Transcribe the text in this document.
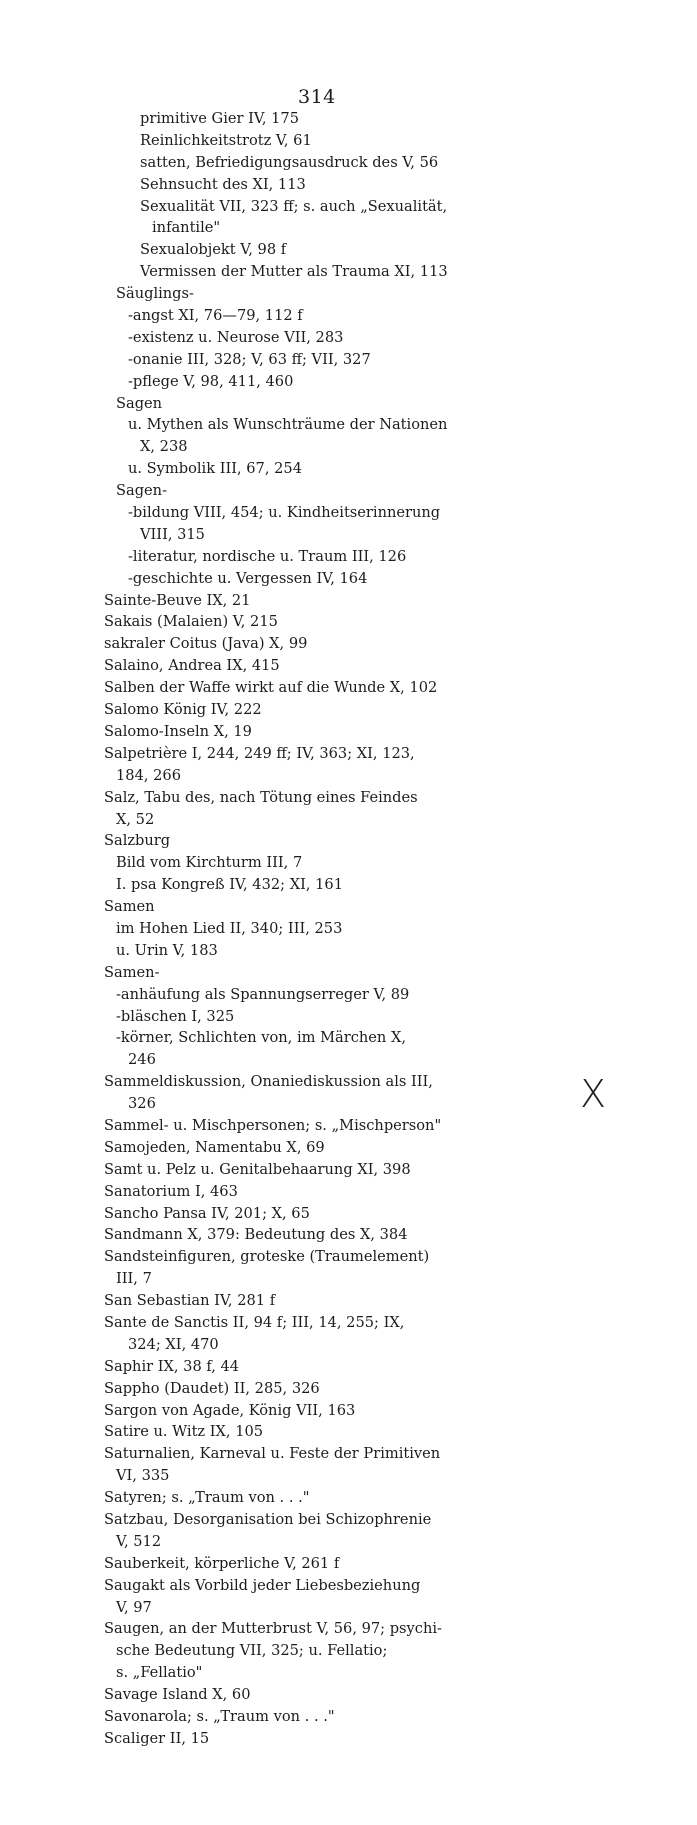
314
primitive Gier IV, 175
Reinlichkeitstrotz V, 61
satten, Befriedigungsausdruck des V, 56
Sehnsucht des XI, 113
Sexualität VII, 323 ff; s. auch „Sexualität,
infantile"
Sexualobjekt V, 98 f
Vermissen der Mutter als Trauma XI, 113
Säuglings-
-angst XI, 76—79, 112 f
-existenz u. Neurose VII, 283
-onanie III, 328; V, 63 ff; VII, 327
-pflege V, 98, 411, 460
Sagen
u. Mythen als Wunschträume der Nationen
X, 238
u. Symbolik III, 67, 254
Sagen-
-bildung VIII, 454; u. Kindheitserinnerung
VIII, 315
-literatur, nordische u. Traum III, 126
-geschichte u. Vergessen IV, 164
Sainte-Beuve IX, 21
Sakais (Malaien) V, 215
sakraler Coitus (Java) X, 99
Salaino, Andrea IX, 415
Salben der Waffe wirkt auf die Wunde X, 102
Salomo König IV, 222
Salomo-Inseln X, 19
Salpetrière I, 244, 249 ff; IV, 363; XI, 123,
184, 266
Salz, Tabu des, nach Tötung eines Feindes
X, 52
Salzburg
Bild vom Kirchturm III, 7
I. psa Kongreß IV, 432; XI, 161
Samen
im Hohen Lied II, 340; III, 253
u. Urin V, 183
Samen-
-anhäufung als Spannungserreger V, 89
-bläschen I, 325
-körner, Schlichten von, im Märchen X,
246
Sammeldiskussion, Onaniediskussion als III,
326
Sammel- u. Mischpersonen; s. „Mischperson"
Samojeden, Namentabu X, 69
Samt u. Pelz u. Genitalbehaarung XI, 398
Sanatorium I, 463
Sancho Pansa IV, 201; X, 65
Sandmann X, 379: Bedeutung des X, 384
Sandsteinfiguren, groteske (Traumelement)
III, 7
San Sebastian IV, 281 f
Sante de Sanctis II, 94 f; III, 14, 255; IX,
324; XI, 470
Saphir IX, 38 f, 44
Sappho (Daudet) II, 285, 326
Sargon von Agade, König VII, 163
Satire u. Witz IX, 105
Saturnalien, Karneval u. Feste der Primitiven
VI, 335
Satyren; s. „Traum von . . ."
Satzbau, Desorganisation bei Schizophrenie
V, 512
Sauberkeit, körperliche V, 261 f
Saugakt als Vorbild jeder Liebesbeziehung
V, 97
Saugen, an der Mutterbrust V, 56, 97; psychi-
sche Bedeutung VII, 325; u. Fellatio;
s. „Fellatio"
Savage Island X, 60
Savonarola; s. „Traum von . . ."
Scaliger II, 15
X
